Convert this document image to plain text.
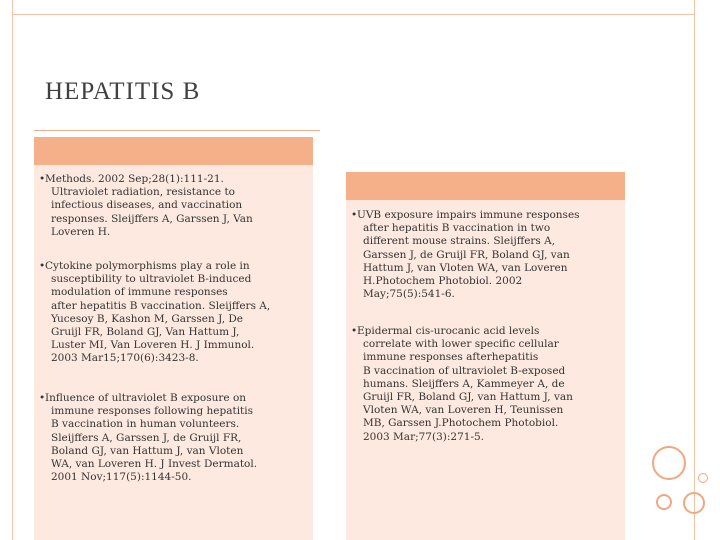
HEPATITIS B
• Methods. 2002 Sep;28(1):111-21.

Ultraviolet radiation, resistance to

infectious diseases, and vaccination

responses. Sleijffers A, Garssen J, Van

Loveren H.

• Cytokine polymorphisms play a role in

susceptibility to ultraviolet B-induced

modulation of immune responses

after hepatitis B vaccination. Sleijffers A,

Yucesoy B, Kashon M, Garssen J, De

Gruijl FR, Boland GJ, Van Hattum J,

Luster MI, Van Loveren H. J Immunol.

2003 Mar15;170(6):3423-8.

• Influence of ultraviolet B exposure on

immune responses following hepatitis

B vaccination in human volunteers.

Sleijffers A, Garssen J, de Gruijl FR,

Boland GJ, van Hattum J, van Vloten

WA, van Loveren H. J Invest Dermatol.

2001 Nov;117(5):1144-50.

• UVB exposure impairs immune responses

after hepatitis B vaccination in two

different mouse strains. Sleijffers A,

Garssen J, de Gruijl FR, Boland GJ, van

Hattum J, van Vloten WA, van Loveren

H.Photochem Photobiol. 2002

May;75(5):541-6.

• Epidermal cis-urocanic acid levels

correlate with lower specific cellular

immune responses afterhepatitis

B vaccination of ultraviolet B-exposed

humans. Sleijffers A, Kammeyer A, de

Gruijl FR, Boland GJ, van Hattum J, van

Vloten WA, van Loveren H, Teunissen

MB, Garssen J.Photochem Photobiol.

2003 Mar;77(3):271-5.
